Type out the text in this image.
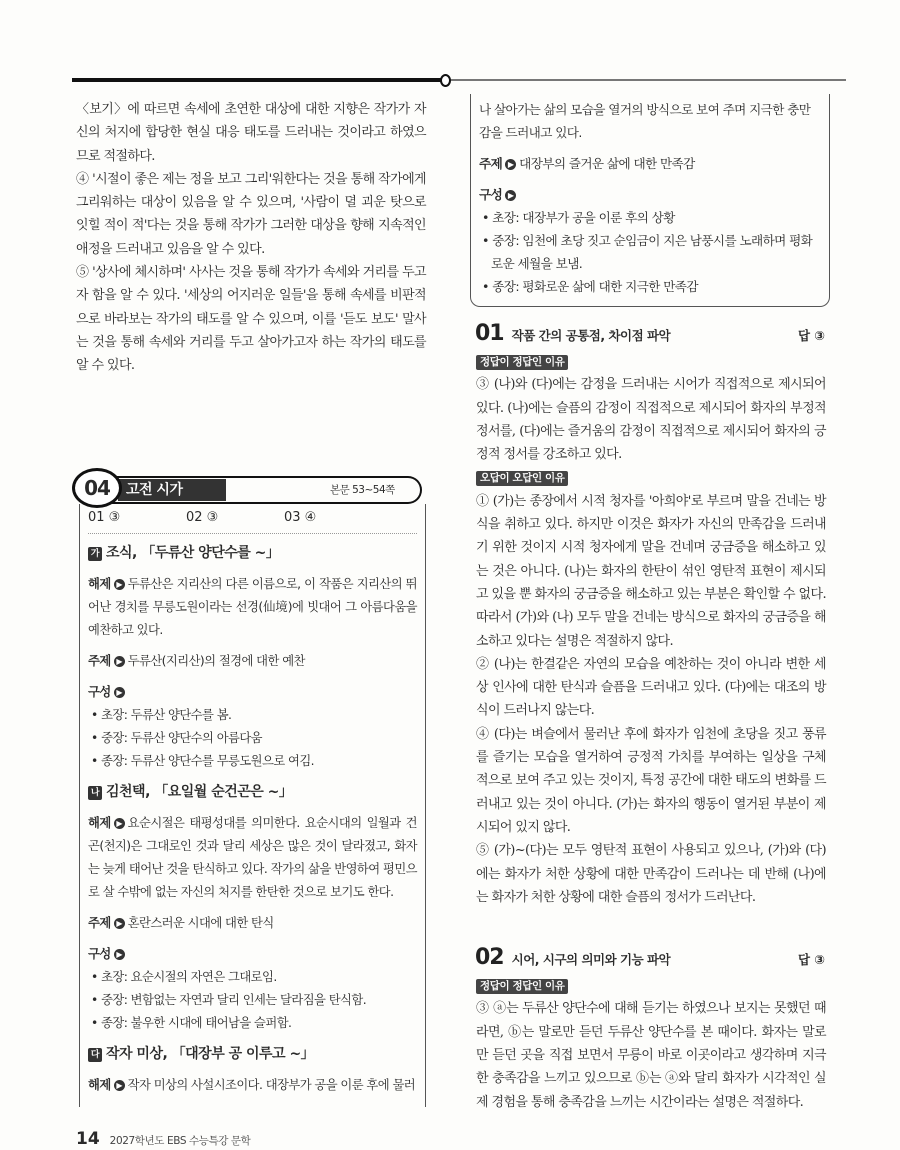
〈보기〉에 따르면 속세에 초연한 대상에 대한 지향은 작가가 자신의 처지에 합당한 현실 대응 태도를 드러내는 것이라고 하였으므로 적절하다.

④ '시절이 좋은 제는 정을 보고 그리'워한다는 것을 통해 작가에게 그리워하는 대상이 있음을 알 수 있으며, '사람이 뎔 괴운 탓으로 잇힐 적이 적'다는 것을 통해 작가가 그러한 대상을 향해 지속적인 애정을 드러내고 있음을 알 수 있다.

⑤ '상사에 체시하며' 사사는 것을 통해 작가가 속세와 거리를 두고자 함을 알 수 있다. '세상의 어지러운 일들'을 통해 속세를 비판적으로 바라보는 작가의 태도를 알 수 있으며, 이를 '듣도 보도' 말사는 것을 통해 속세와 거리를 두고 살아가고자 하는 작가의 태도를 알 수 있다.

04	고전 시가	본문 53~54쪽
01 ③	02 ③	03 ④
가 조식, 「두류산 양단수를 ~」
해제 ▶ 두류산은 지리산의 다른 이름으로, 이 작품은 지리산의 뛰어난 경치를 무릉도원이라는 선경(仙境)에 빗대어 그 아름다움을 예찬하고 있다.
주제 ▶ 두류산(지리산)의 절경에 대한 예찬
구성 ▶
• 초장: 두류산 양단수를 봄.
• 중장: 두류산 양단수의 아름다움
• 종장: 두류산 양단수를 무릉도원으로 여김.
나 김천택, 「요일월 순건곤은 ~」
해제 ▶ 요순시절은 태평성대를 의미한다. 요순시대의 일월과 건곤(천지)은 그대로인 것과 달리 세상은 많은 것이 달라졌고, 화자는 늦게 태어난 것을 탄식하고 있다. 작가의 삶을 반영하여 평민으로 살 수밖에 없는 자신의 처지를 한탄한 것으로 보기도 한다.
주제 ▶ 혼란스러운 시대에 대한 탄식
구성 ▶
• 초장: 요순시절의 자연은 그대로임.
• 중장: 변함없는 자연과 달리 인세는 달라짐을 탄식함.
• 종장: 불우한 시대에 태어남을 슬퍼함.
다 작자 미상, 「대장부 공 이루고 ~」
해제 ▶ 작자 미상의 사설시조이다. 대장부가 공을 이룬 후에 물러
14 2027학년도 EBS 수능특강 문학
나 살아가는 삶의 모습을 열거의 방식으로 보여 주며 지극한 충만감을 드러내고 있다.
주제 ▶ 대장부의 즐거운 삶에 대한 만족감
구성 ▶
• 초장: 대장부가 공을 이룬 후의 상황
• 중장: 임천에 초당 짓고 순임금이 지은 남풍시를 노래하며 평화로운 세월을 보냄.
• 종장: 평화로운 삶에 대한 지극한 만족감
01 작품 간의 공통점, 차이점 파악	답 ③
정답이 정답인 이유

③ (나)와 (다)에는 감정을 드러내는 시어가 직접적으로 제시되어 있다. (나)에는 슬픔의 감정이 직접적으로 제시되어 화자의 부정적 정서를, (다)에는 즐거움의 감정이 직접적으로 제시되어 화자의 긍정적 정서를 강조하고 있다.

오답이 오답인 이유

① (가)는 종장에서 시적 청자를 '아희야'로 부르며 말을 건네는 방식을 취하고 있다. 하지만 이것은 화자가 자신의 만족감을 드러내기 위한 것이지 시적 청자에게 말을 건네며 궁금증을 해소하고 있는 것은 아니다. (나)는 화자의 한탄이 섞인 영탄적 표현이 제시되고 있을 뿐 화자의 궁금증을 해소하고 있는 부분은 확인할 수 없다. 따라서 (가)와 (나) 모두 말을 건네는 방식으로 화자의 궁금증을 해소하고 있다는 설명은 적절하지 않다.

② (나)는 한결같은 자연의 모습을 예찬하는 것이 아니라 변한 세상 인사에 대한 탄식과 슬픔을 드러내고 있다. (다)에는 대조의 방식이 드러나지 않는다.

④ (다)는 벼슬에서 물러난 후에 화자가 임천에 초당을 짓고 풍류를 즐기는 모습을 열거하여 긍정적 가치를 부여하는 일상을 구체적으로 보여 주고 있는 것이지, 특정 공간에 대한 태도의 변화를 드러내고 있는 것이 아니다. (가)는 화자의 행동이 열거된 부분이 제시되어 있지 않다.

⑤ (가)~(다)는 모두 영탄적 표현이 사용되고 있으나, (가)와 (다)에는 화자가 처한 상황에 대한 만족감이 드러나는 데 반해 (나)에는 화자가 처한 상황에 대한 슬픔의 정서가 드러난다.

02 시어, 시구의 의미와 기능 파악	답 ③
정답이 정답인 이유

③ ⓐ는 두류산 양단수에 대해 듣기는 하였으나 보지는 못했던 때라면, ⓑ는 말로만 듣던 두류산 양단수를 본 때이다. 화자는 말로만 듣던 곳을 직접 보면서 무릉이 바로 이곳이라고 생각하며 지극한 충족감을 느끼고 있으므로 ⓑ는 ⓐ와 달리 화자가 시각적인 실제 경험을 통해 충족감을 느끼는 시간이라는 설명은 적절하다.
